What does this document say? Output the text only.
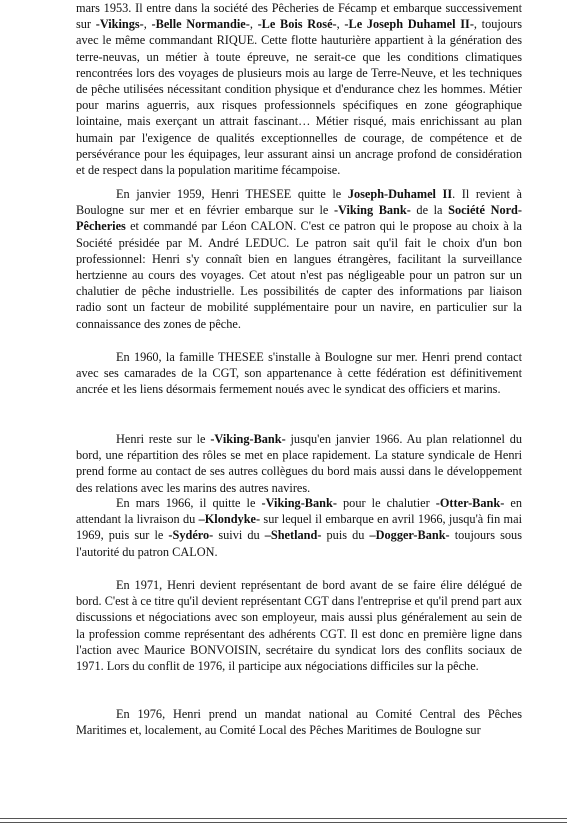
mars 1953. Il entre dans la société des Pêcheries de Fécamp et embarque successivement sur -Vikings-, -Belle Normandie-, -Le Bois Rosé-, -Le Joseph Duhamel II-, toujours avec le même commandant RIQUE. Cette flotte hauturière appartient à la génération des terre-neuvas, un métier à toute épreuve, ne serait-ce que les conditions climatiques rencontrées lors des voyages de plusieurs mois au large de Terre-Neuve, et les techniques de pêche utilisées nécessitant condition physique et d'endurance chez les hommes. Métier pour marins aguerris, aux risques professionnels spécifiques en zone géographique lointaine, mais exerçant un attrait fascinant… Métier risqué, mais enrichissant au plan humain par l'exigence de qualités exceptionnelles de courage, de compétence et de persévérance pour les équipages, leur assurant ainsi un ancrage profond de considération et de respect dans la population maritime fécampoise.

En janvier 1959, Henri THESEE quitte le Joseph-Duhamel II. Il revient à Boulogne sur mer et en février embarque sur le -Viking Bank- de la Société Nord-Pêcheries et commandé par Léon CALON. C'est ce patron qui le propose au choix à la Société présidée par M. André LEDUC. Le patron sait qu'il fait le choix d'un bon professionnel: Henri s'y connaît bien en langues étrangères, facilitant la surveillance hertzienne au cours des voyages. Cet atout n'est pas négligeable pour un patron sur un chalutier de pêche industrielle. Les possibilités de capter des informations par liaison radio sont un facteur de mobilité supplémentaire pour un navire, en particulier sur la connaissance des zones de pêche.

En 1960, la famille THESEE s'installe à Boulogne sur mer. Henri prend contact avec ses camarades de la CGT, son appartenance à cette fédération est définitivement ancrée et les liens désormais fermement noués avec le syndicat des officiers et marins.

Henri reste sur le -Viking-Bank- jusqu'en janvier 1966. Au plan relationnel du bord, une répartition des rôles se met en place rapidement. La stature syndicale de Henri prend forme au contact de ses autres collègues du bord mais aussi dans le développement des relations avec les marins des autres navires.

En mars 1966, il quitte le -Viking-Bank- pour le chalutier -Otter-Bank- en attendant la livraison du –Klondyke- sur lequel il embarque en avril 1966, jusqu'à fin mai 1969, puis sur le -Sydéro- suivi du –Shetland- puis du –Dogger-Bank- toujours sous l'autorité du patron CALON.

En 1971, Henri devient représentant de bord avant de se faire élire délégué de bord. C'est à ce titre qu'il devient représentant CGT dans l'entreprise et qu'il prend part aux discussions et négociations avec son employeur, mais aussi plus généralement au sein de la profession comme représentant des adhérents CGT. Il est donc en première ligne dans l'action avec Maurice BONVOISIN, secrétaire du syndicat lors des conflits sociaux de 1971. Lors du conflit de 1976, il participe aux négociations difficiles sur la pêche.

En 1976, Henri prend un mandat national au Comité Central des Pêches Maritimes et, localement, au Comité Local des Pêches Maritimes de Boulogne sur
